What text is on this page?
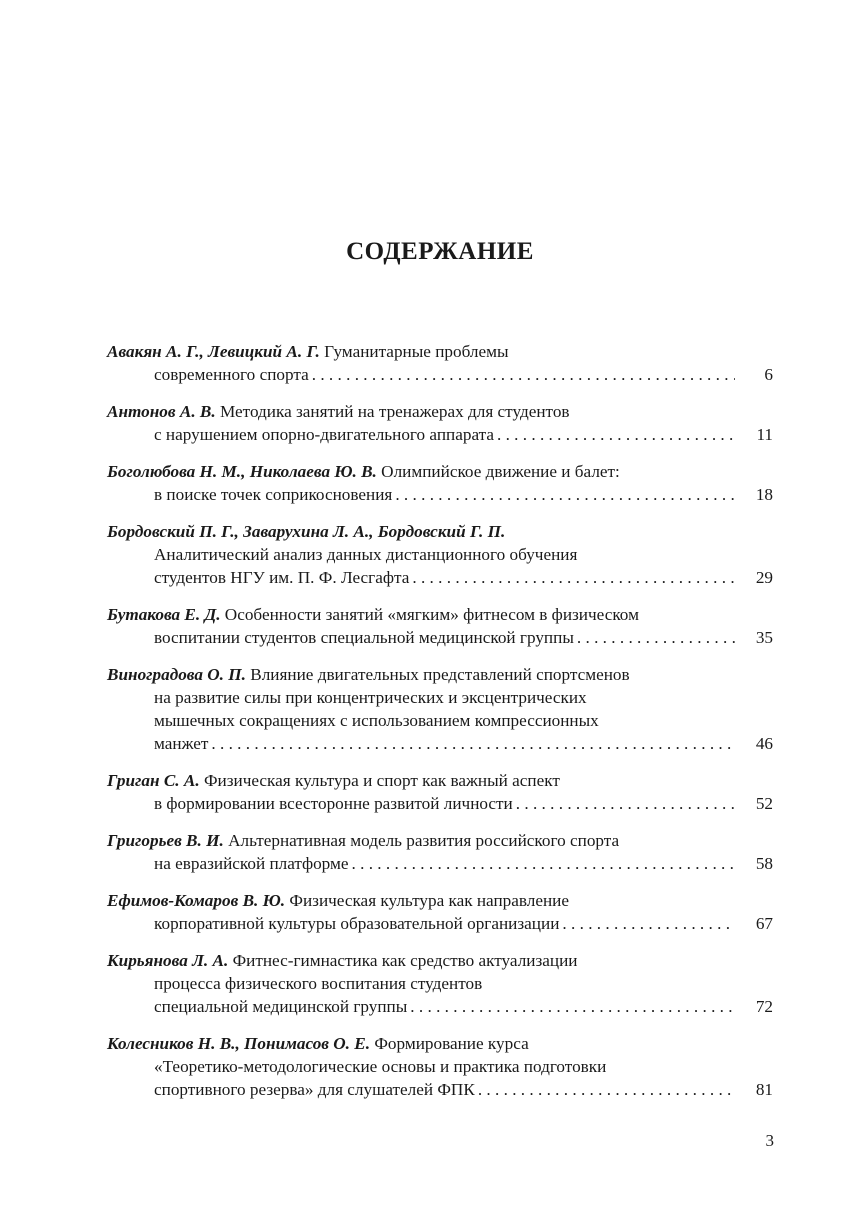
СОДЕРЖАНИЕ
Авакян А. Г., Левицкий А. Г. Гуманитарные проблемы
современного спорта . . .	6
Антонов А. В. Методика занятий на тренажерах для студентов
с нарушением опорно-двигательного аппарата . . .	11
Боголюбова Н. М., Николаева Ю. В. Олимпийское движение и балет:
в поиске точек соприкосновения . . .	18
Бордовский П. Г., Заварухина Л. А., Бордовский Г. П.
Аналитический анализ данных дистанционного обучения
студентов НГУ им. П. Ф. Лесгафта . . .	29
Бутакова Е. Д. Особенности занятий «мягким» фитнесом в физическом
воспитании студентов специальной медицинской группы . . .	35
Виноградова О. П. Влияние двигательных представлений спортсменов
на развитие силы при концентрических и эксцентрических
мышечных сокращениях с использованием компрессионных
манжет . . .	46
Григан С. А. Физическая культура и спорт как важный аспект
в формировании всесторонне развитой личности . . .	52
Григорьев В. И. Альтернативная модель развития российского спорта
на евразийской платформе . . .	58
Ефимов-Комаров В. Ю. Физическая культура как направление
корпоративной культуры образовательной организации . . .	67
Кирьянова Л. А. Фитнес-гимнастика как средство актуализации
процесса физического воспитания студентов
специальной медицинской группы . . .	72
Колесников Н. В., Понимасов О. Е. Формирование курса
«Теоретико-методологические основы и практика подготовки
спортивного резерва» для слушателей ФПК . . .	81
3
